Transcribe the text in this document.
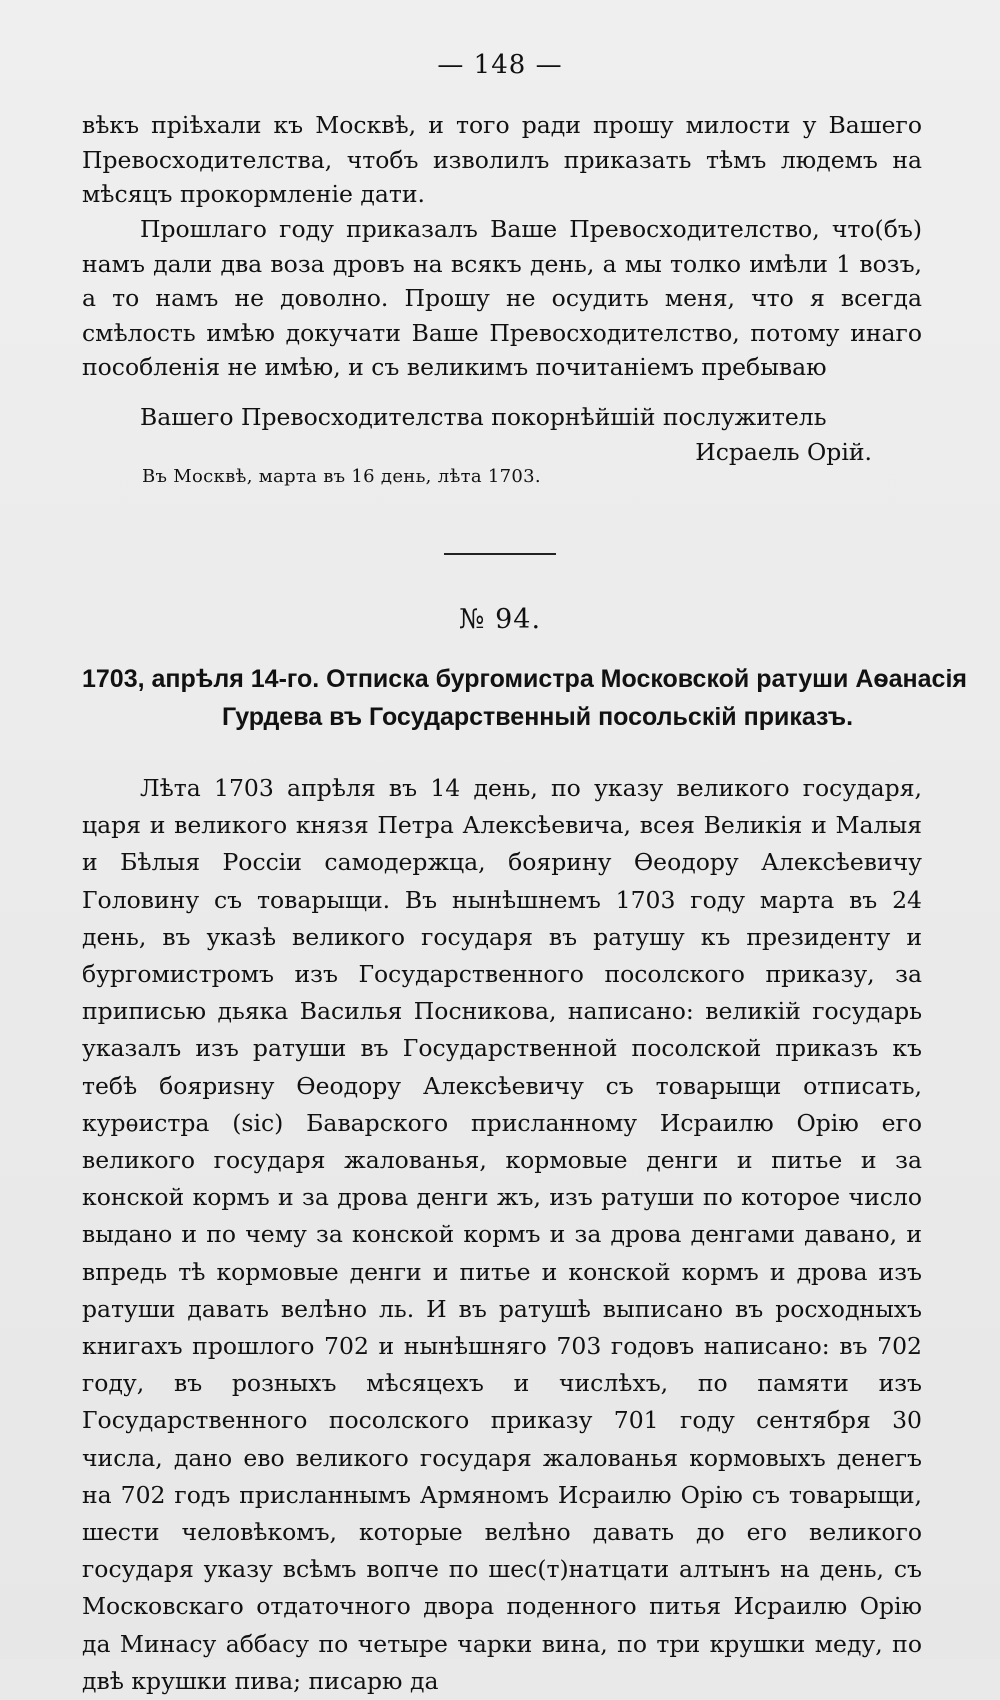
— 148 —
вѣкъ пріѣхали къ Москвѣ, и того ради прошу милости у Вашего Превосходителства, чтобъ изволилъ приказать тѣмъ людемъ на мѣсяцъ прокормленіе дати.
Прошлаго году приказалъ Ваше Превосходителство, что(бъ) намъ дали два воза дровъ на всякъ день, а мы толко имѣли 1 возъ, а то намъ не доволно. Прошу не осудить меня, что я всегда смѣлость имѣю докучати Ваше Превосходителство, потому инаго пособленія не имѣю, и съ великимъ почитаніемъ пребываю
Вашего Превосходителства покорнѣйшій послужитель
Исраель Орій.
Въ Москвѣ, марта въ 16 день, лѣта 1703.
№ 94.
1703, апрѣля 14-го. Отписка бургомистра Московской ратуши Аѳанасія
Гурдева въ Государственный посольскій приказъ.
Лѣта 1703 апрѣля въ 14 день, по указу великого государя, царя и великого князя Петра Алексѣевича, всея Великія и Малыя и Бѣлыя Россіи самодержца, боярину Ѳеодору Алексѣевичу Головину съ товарыщи. Въ нынѣшнемъ 1703 году марта въ 24 день, въ указѣ великого государя въ ратушу къ президенту и бургомистромъ изъ Государственного посолского приказу, за приписью дьяка Василья Посникова, написано: великій государь указалъ изъ ратуши въ Государственной посолской приказъ къ тебѣ бояриsну Ѳеодору Алексѣевичу съ товарыщи отписать, курѳистра (sic) Баварского присланному Исраилю Орію его великого государя жалованья, кормовые денги и питье и за конской кормъ и за дрова денги жъ, изъ ратуши по которое число выдано и по чему за конской кормъ и за дрова денгами давано, и впредь тѣ кормовые денги и питье и конской кормъ и дрова изъ ратуши давать велѣно ль. И въ ратушѣ выписано въ росходныхъ книгахъ прошлого 702 и нынѣшняго 703 годовъ написано: въ 702 году, въ розныхъ мѣсяцехъ и числѣхъ, по памяти изъ Государственного посолского приказу 701 году сентября 30 числа, дано ево великого государя жалованья кормовыхъ денегъ на 702 годъ присланнымъ Армяномъ Исраилю Орію съ товарыщи, шести человѣкомъ, которые велѣно давать до его великого государя указу всѣмъ вопче по шес(т)натцати алтынъ на день, съ Московскаго отдаточного двора поденного питья Исраилю Орію да Минасу аббасу по четыре чарки вина, по три крушки меду, по двѣ крушки пива; писарю да
